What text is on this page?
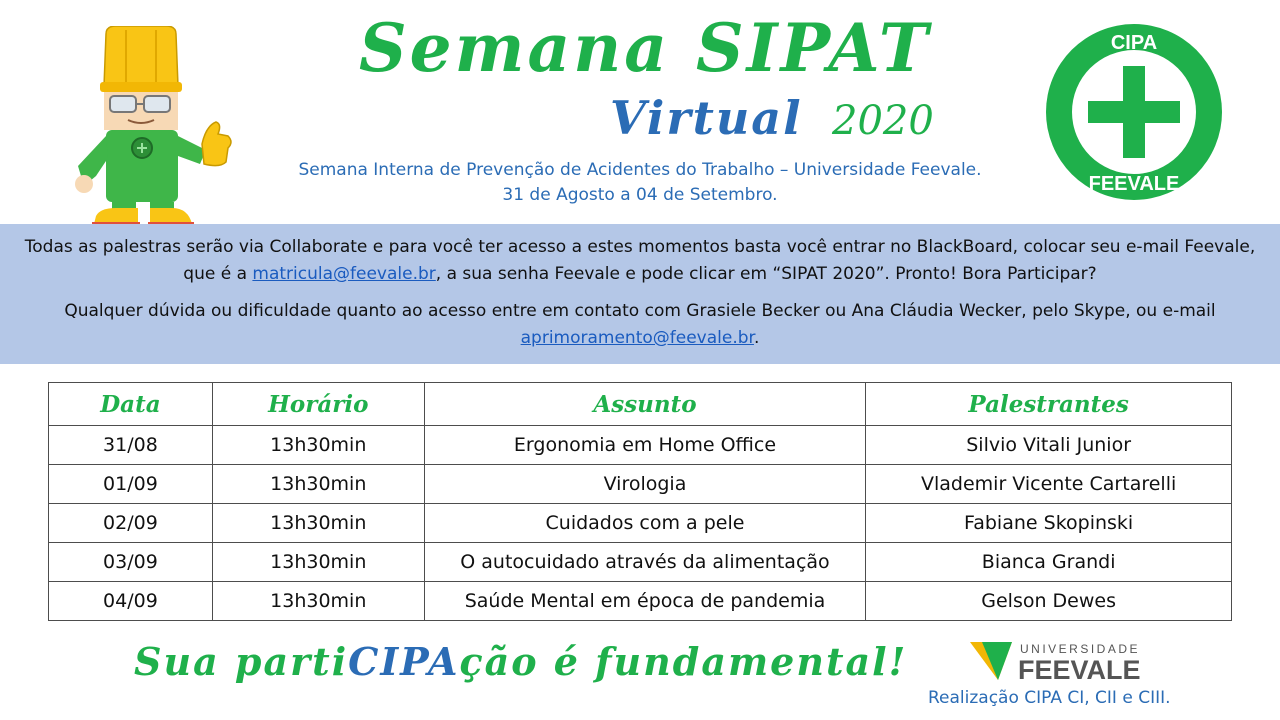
Semana SIPAT
Virtual 2020
Semana Interna de Prevenção de Acidentes do Trabalho – Universidade Feevale.
31 de Agosto a 04 de Setembro.
CIPA
FEEVALE
Todas as palestras serão via Collaborate e para você ter acesso a estes momentos basta você entrar no BlackBoard, colocar seu e-mail Feevale, que é a matricula@feevale.br, a sua senha Feevale e pode clicar em “SIPAT 2020”. Pronto! Bora Participar?
Qualquer dúvida ou dificuldade quanto ao acesso entre em contato com Grasiele Becker ou Ana Cláudia Wecker, pelo Skype, ou e-mail aprimoramento@feevale.br.
Data	Horário	Assunto	Palestrantes
31/08	13h30min	Ergonomia em Home Office	Silvio Vitali Junior
01/09	13h30min	Virologia	Vlademir Vicente Cartarelli
02/09	13h30min	Cuidados com a pele	Fabiane Skopinski
03/09	13h30min	O autocuidado através da alimentação	Bianca Grandi
04/09	13h30min	Saúde Mental em época de pandemia	Gelson Dewes
Sua partiCIPAção é fundamental!	UNIVERSIDADE
FEEVALE
Realização CIPA CI, CII e CIII.
